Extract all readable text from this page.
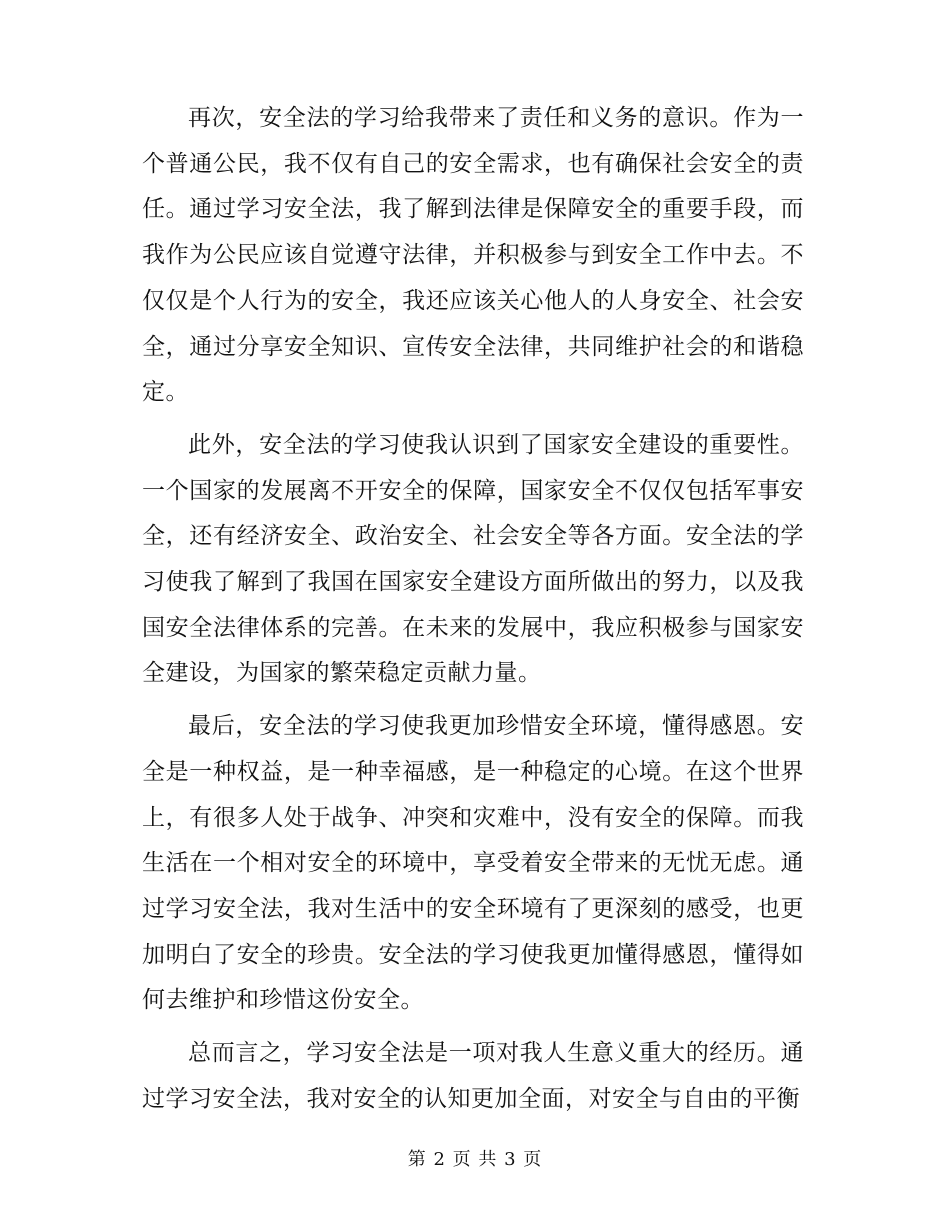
再次，安全法的学习给我带来了责任和义务的意识。作为一个普通公民，我不仅有自己的安全需求，也有确保社会安全的责任。通过学习安全法，我了解到法律是保障安全的重要手段，而我作为公民应该自觉遵守法律，并积极参与到安全工作中去。不仅仅是个人行为的安全，我还应该关心他人的人身安全、社会安全，通过分享安全知识、宣传安全法律，共同维护社会的和谐稳定。

此外，安全法的学习使我认识到了国家安全建设的重要性。一个国家的发展离不开安全的保障，国家安全不仅仅包括军事安全，还有经济安全、政治安全、社会安全等各方面。安全法的学习使我了解到了我国在国家安全建设方面所做出的努力，以及我国安全法律体系的完善。在未来的发展中，我应积极参与国家安全建设，为国家的繁荣稳定贡献力量。

最后，安全法的学习使我更加珍惜安全环境，懂得感恩。安全是一种权益，是一种幸福感，是一种稳定的心境。在这个世界上，有很多人处于战争、冲突和灾难中，没有安全的保障。而我生活在一个相对安全的环境中，享受着安全带来的无忧无虑。通过学习安全法，我对生活中的安全环境有了更深刻的感受，也更加明白了安全的珍贵。安全法的学习使我更加懂得感恩，懂得如何去维护和珍惜这份安全。

总而言之，学习安全法是一项对我人生意义重大的经历。通过学习安全法，我对安全的认知更加全面，对安全与自由的平衡

第 2 页 共 3 页
